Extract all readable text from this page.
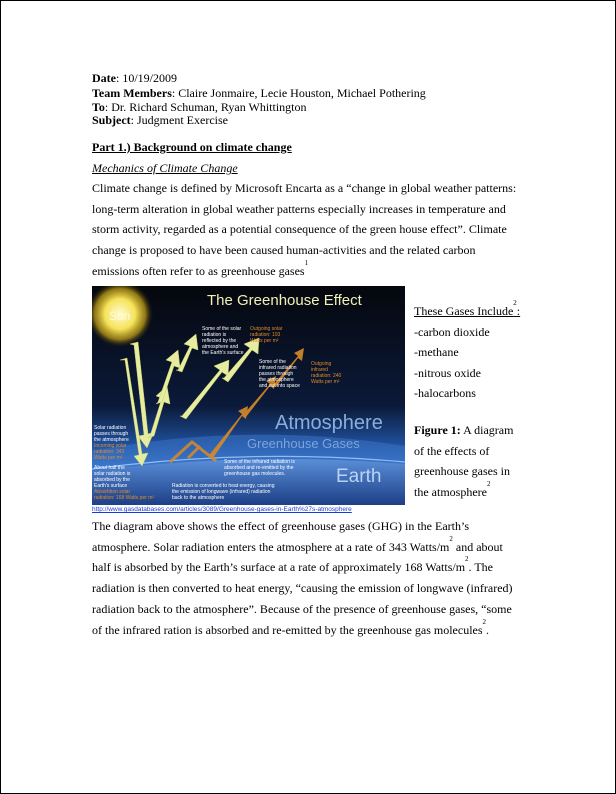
Date: 10/19/2009
Team Members: Claire Jonmaire, Lecie Houston, Michael Pothering
To: Dr. Richard Schuman, Ryan Whittington
Subject: Judgment Exercise
Part 1.) Background on climate change
Mechanics of Climate Change
Climate change is defined by Microsoft Encarta as a “change in global weather patterns:
long-term alteration in global weather patterns especially increases in temperature and
storm activity, regarded as a potential consequence of the green house effect”. Climate
change is proposed to have been caused human-activities and the related carbon
emissions often refer to as greenhouse gases$^1$
The Greenhouse Effect
Sun
Some of the solar
radiation is
reflected by the
atmosphere and
the Earth's surface
Some of the
infrared radiation
passes through
the atmosphere
and out into space
Solar radiation
passes through
the atmosphere
About half the
solar radiation is
absorbed by the
Earth's surface
Some of the infrared radiation is
absorbed and re-emitted by the
greenhouse gas molecules.
Radiation is converted to heat energy, causing
the emission of longwave (infrared) radiation
back to the atmosphere
Outgoing solar
radiation: 103
Watts per m²
Outgoing
infrared
radiation: 240
Watts per m²
Incoming solar
radiation: 343
Watts per m²
Absorbtion solar
radiation: 168 Watts per m²
Atmosphere
Greenhouse Gases
Earth
http://www.gasdatabases.com/articles/3089/Greenhouse-gases-in-Earth%27s-atmosphere
These Gases Include$^2$:
-carbon dioxide
-methane
-nitrous oxide
-halocarbons
Figure 1: A diagram
of the effects of
greenhouse gases in
the atmosphere$^2$
The diagram above shows the effect of greenhouse gases (GHG) in the Earth’s
atmosphere. Solar radiation enters the atmosphere at a rate of 343 Watts/$m^2$ and about
half is absorbed by the Earth’s surface at a rate of approximately 168 Watts/$m^2$. The
radiation is then converted to heat energy, “causing the emission of longwave (infrared)
radiation back to the atmosphere”. Because of the presence of greenhouse gases, “some
of the infrared ration is absorbed and re-emitted by the greenhouse gas molecules$^2$.
